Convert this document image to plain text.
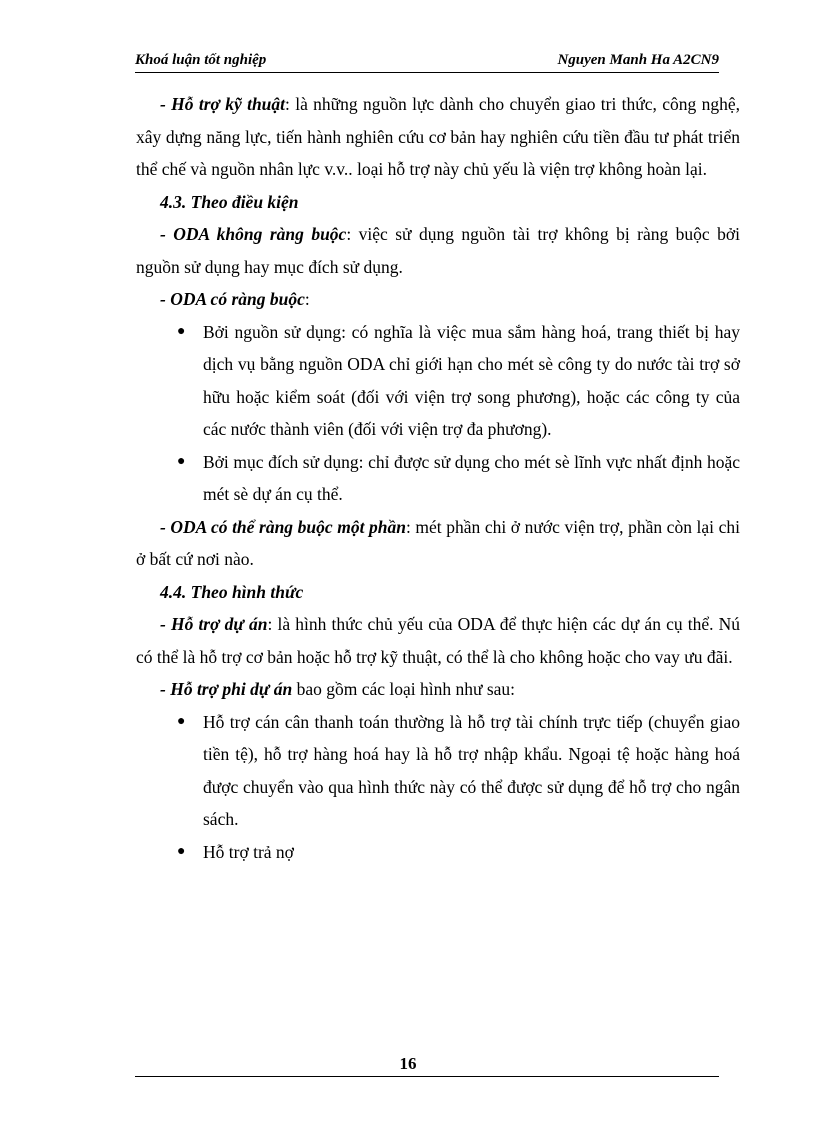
Khoá luận tốt nghiệp	Nguyen Manh Ha A2CN9

- Hỗ trợ kỹ thuật: là những nguồn lực dành cho chuyển giao tri thức, công nghệ, xây dựng năng lực, tiến hành nghiên cứu cơ bản hay nghiên cứu tiền đầu tư phát triển thể chế và nguồn nhân lực v.v.. loại hỗ trợ này chủ yếu là viện trợ không hoàn lại.

4.3. Theo điều kiện

- ODA không ràng buộc: việc sử dụng nguồn tài trợ không bị ràng buộc bởi nguồn sử dụng hay mục đích sử dụng.

- ODA có ràng buộc:

● Bởi nguồn sử dụng: có nghĩa là việc mua sắm hàng hoá, trang thiết bị hay dịch vụ bằng nguồn ODA chỉ giới hạn cho mét sè công ty do nước tài trợ sở hữu hoặc kiểm soát (đối với viện trợ song phương), hoặc các công ty của các nước thành viên (đối với viện trợ đa phương).
● Bởi mục đích sử dụng: chỉ được sử dụng cho mét sè lĩnh vực nhất định hoặc mét sè dự án cụ thể.

- ODA có thể ràng buộc một phần: mét phần chi ở nước viện trợ, phần còn lại chi ở bất cứ nơi nào.

4.4. Theo hình thức

- Hỗ trợ dự án: là hình thức chủ yếu của ODA để thực hiện các dự án cụ thể. Nú có thể là hỗ trợ cơ bản hoặc hỗ trợ kỹ thuật, có thể là cho không hoặc cho vay ưu đãi.

- Hỗ trợ phi dự án bao gồm các loại hình như sau:

● Hỗ trợ cán cân thanh toán thường là hỗ trợ tài chính trực tiếp (chuyển giao tiền tệ), hỗ trợ hàng hoá hay là hỗ trợ nhập khẩu. Ngoại tệ hoặc hàng hoá được chuyển vào qua hình thức này có thể được sử dụng để hỗ trợ cho ngân sách.
● Hỗ trợ trả nợ
16
